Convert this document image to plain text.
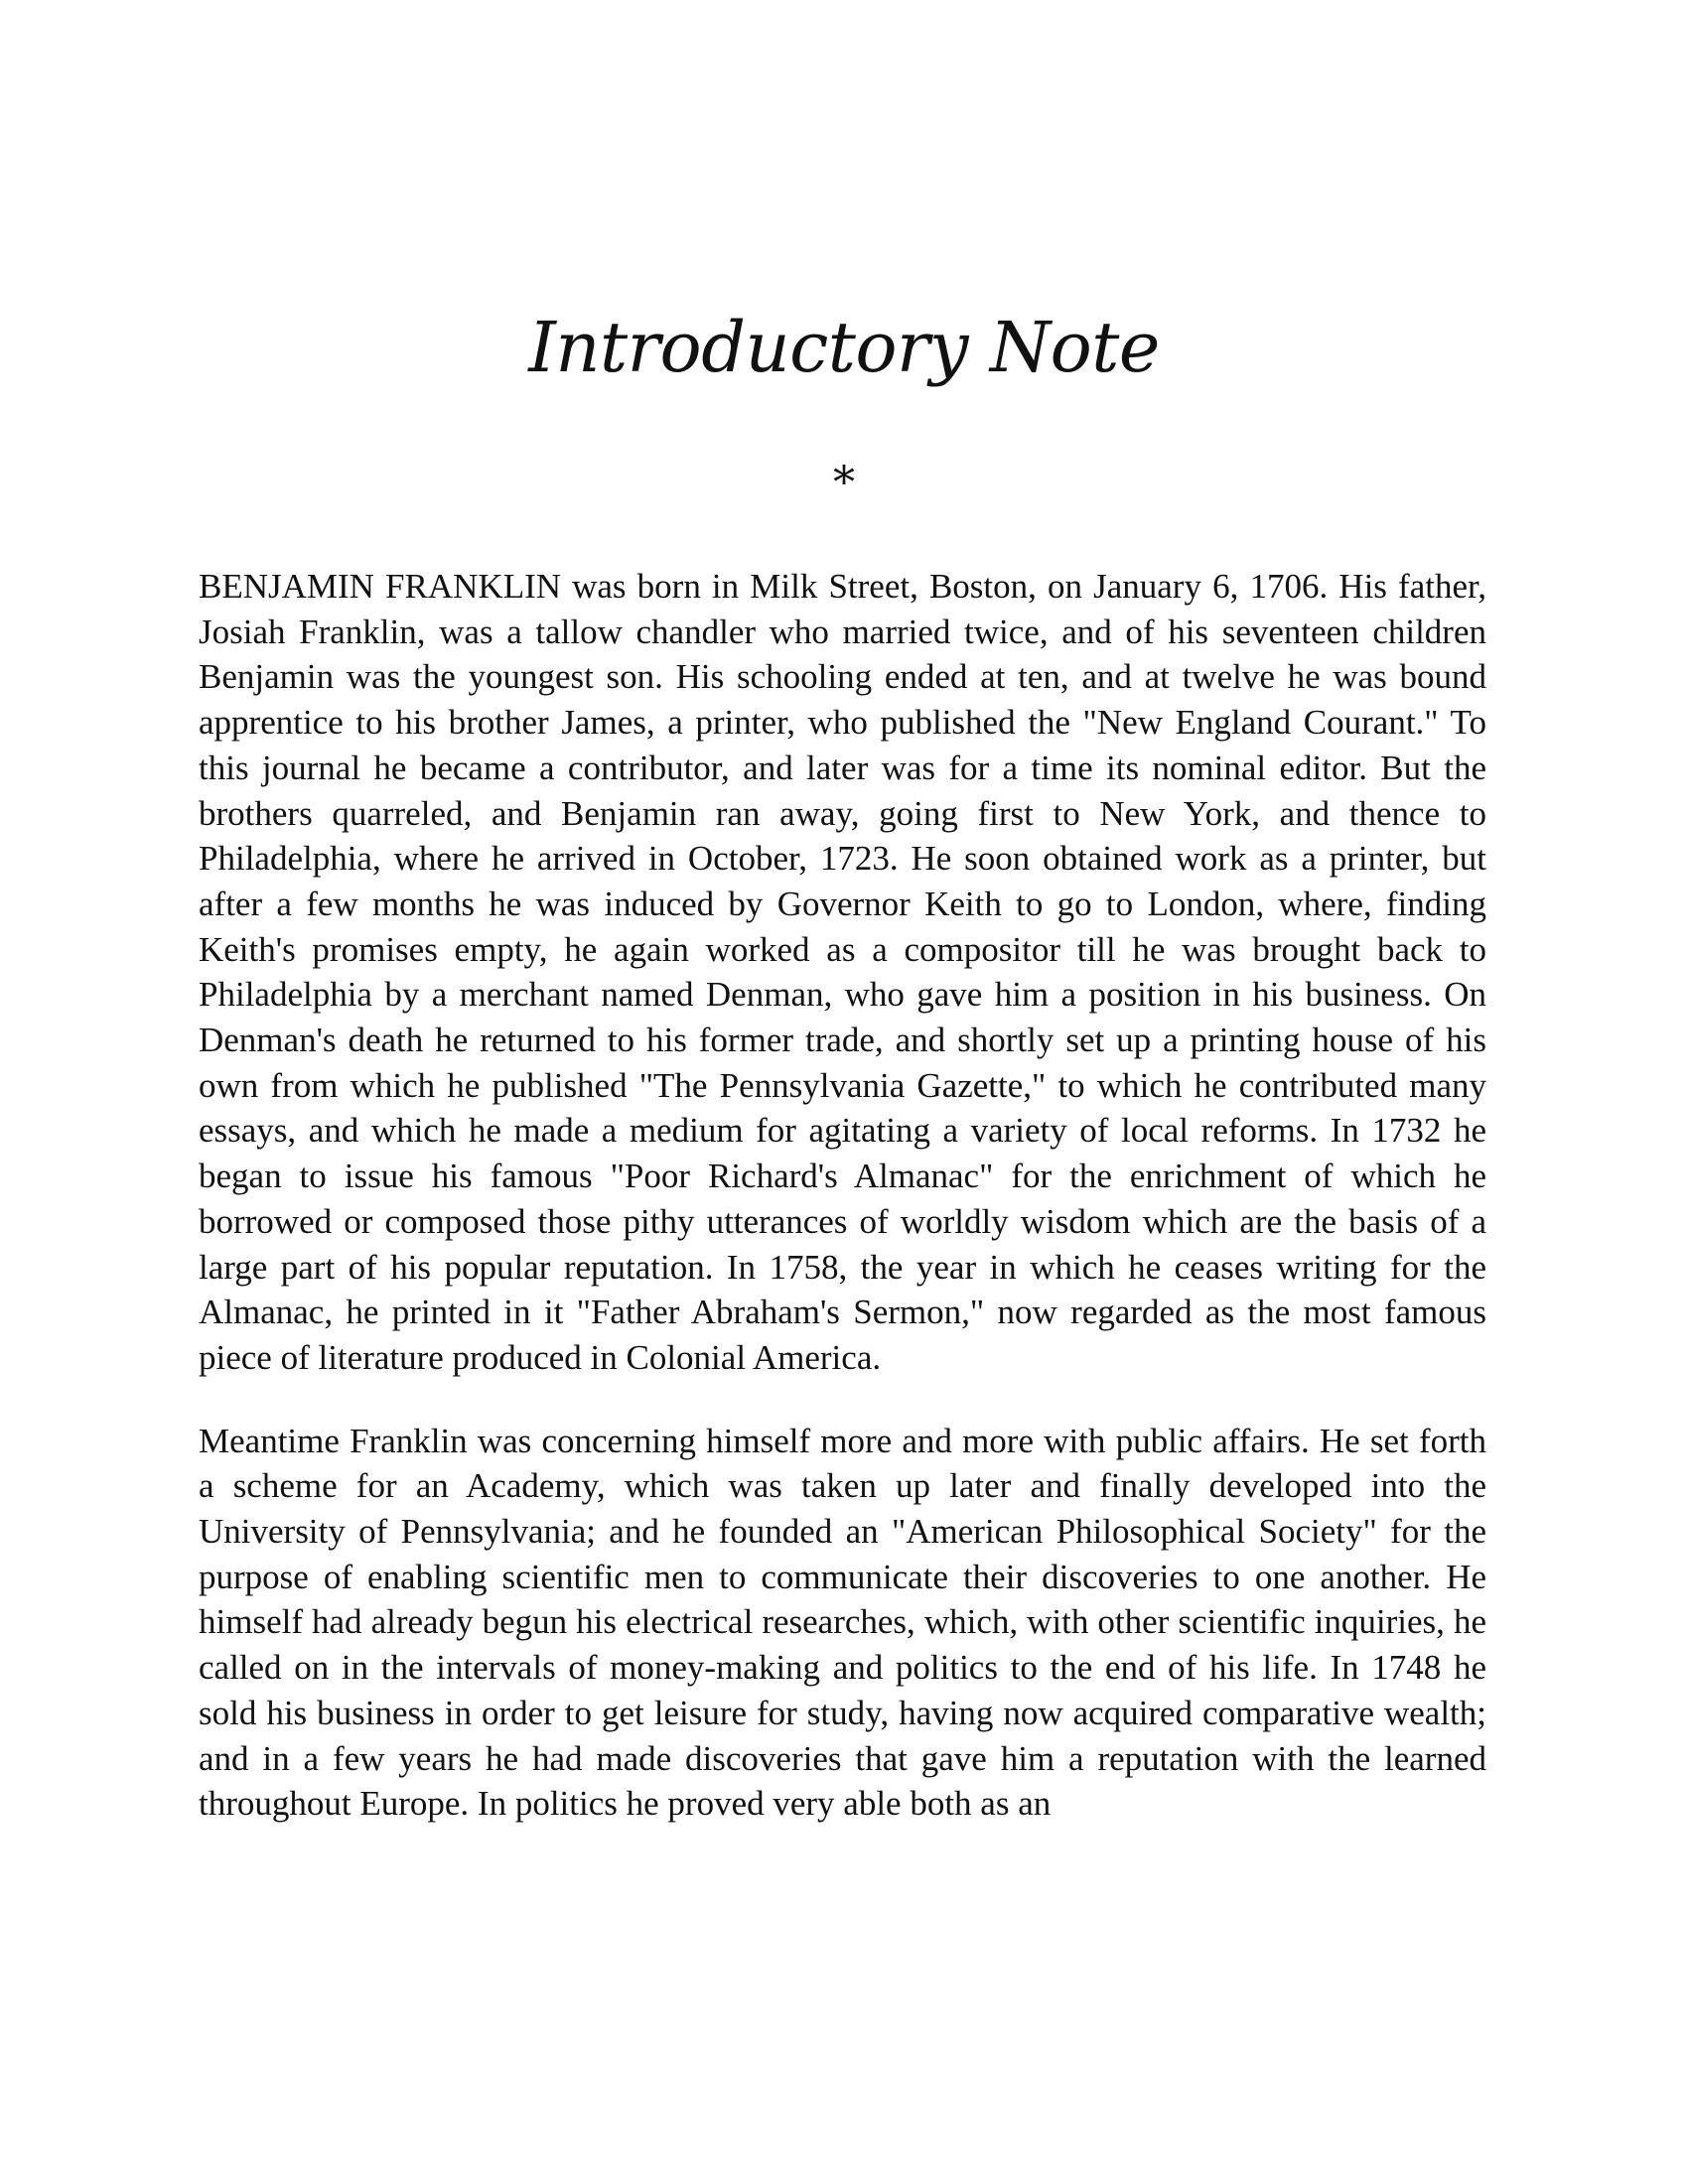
Introductory Note
*

BENJAMIN FRANKLIN was born in Milk Street, Boston, on January 6, 1706. His father, Josiah Franklin, was a tallow chandler who married twice, and of his seventeen children Benjamin was the youngest son. His schooling ended at ten, and at twelve he was bound apprentice to his brother James, a printer, who published the "New England Courant." To this journal he became a contributor, and later was for a time its nominal editor. But the brothers quarreled, and Benjamin ran away, going first to New York, and thence to Philadelphia, where he arrived in October, 1723. He soon obtained work as a printer, but after a few months he was induced by Governor Keith to go to London, where, finding Keith's promises empty, he again worked as a compositor till he was brought back to Philadelphia by a merchant named Denman, who gave him a position in his business. On Denman's death he returned to his former trade, and shortly set up a printing house of his own from which he published "The Pennsylvania Gazette," to which he contributed many essays, and which he made a medium for agitating a variety of local reforms. In 1732 he began to issue his famous "Poor Richard's Almanac" for the enrichment of which he borrowed or composed those pithy utterances of worldly wisdom which are the basis of a large part of his popular reputation. In 1758, the year in which he ceases writing for the Almanac, he printed in it "Father Abraham's Sermon," now regarded as the most famous piece of literature produced in Colonial America.

Meantime Franklin was concerning himself more and more with public affairs. He set forth a scheme for an Academy, which was taken up later and finally developed into the University of Pennsylvania; and he founded an "American Philosophical Society" for the purpose of enabling scientific men to communicate their discoveries to one another. He himself had already begun his electrical researches, which, with other scientific inquiries, he called on in the intervals of money-making and politics to the end of his life. In 1748 he sold his business in order to get leisure for study, having now acquired comparative wealth; and in a few years he had made discoveries that gave him a reputation with the learned throughout Europe. In politics he proved very able both as an
